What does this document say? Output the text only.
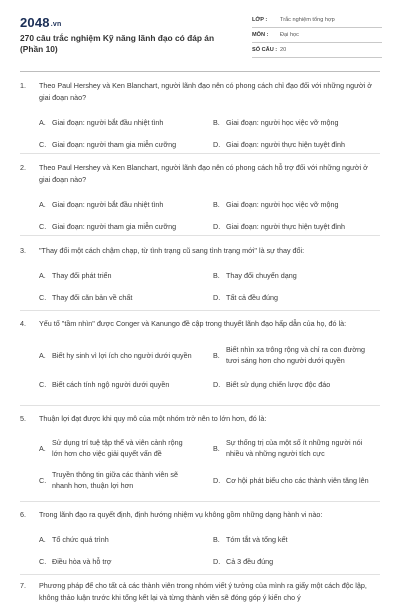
2048.vn
270 câu trắc nghiệm Kỹ năng lãnh đạo có đáp án (Phần 10)
LỚP :	Trắc nghiệm tổng hợp
MÔN :	Đại học
SỐ CÂU : 20
1.	Theo Paul Hershey và Ken Blanchart, người lãnh đạo nên có phong cách chỉ đạo đối với những người ở giai đoạn nào?
A. Giai đoạn: người bắt đầu nhiệt tình	B. Giai đoạn: người học việc vỡ mộng
C. Giai đoạn: người tham gia miễn cưỡng	D. Giai đoạn: người thực hiện tuyệt đỉnh
2.	Theo Paul Hershey và Ken Blanchart, người lãnh đạo nên có phong cách hỗ trợ đối với những người ở giai đoạn nào?
A. Giai đoạn: người bắt đầu nhiệt tình	B. Giai đoạn: người học việc vỡ mộng
C. Giai đoạn: người tham gia miễn cưỡng	D. Giai đoạn: người thực hiện tuyệt đỉnh
3.	"Thay đổi một cách chậm chạp, từ tình trạng cũ sang tình trạng mới" là sự thay đổi:
A. Thay đổi phát triển	B. Thay đổi chuyển dạng
C. Thay đổi căn bản về chất	D. Tất cả đều đúng
4.	Yếu tố "tầm nhìn" được Conger và Kanungo đề cập trong thuyết lãnh đạo hấp dẫn của họ, đó là:
A. Biết hy sinh vì lợi ích cho người dưới quyền	B.
Biết nhìn xa trông rộng và chỉ ra con đường tươi sáng hơn cho người dưới quyền
C. Biết cách tính ngộ người dưới quyền	D. Biết sử dụng chiến lược độc đáo
5.	Thuận lợi đạt được khi quy mô của một nhóm trở nên to lớn hơn, đó là:
A.
Sử dụng trí tuệ tập thể và viên cảnh rộng lớn hơn cho việc giải quyết vấn đề
B.
Sự thống trị của một số ít những người nói nhiều và những người tích cực
C.
Truyền thông tin giữa các thành viên sẽ nhanh hơn, thuận lợi hơn
D. Cơ hội phát biểu cho các thành viên tăng lên
6.	Trong lãnh đạo ra quyết định, định hướng nhiệm vụ không gồm những dạng hành vi nào:
A. Tổ chức quá trình	B. Tóm tắt và tổng kết
C. Điều hòa và hỗ trợ	D. Cả 3 đều đúng
7.	Phương pháp để cho tất cả các thành viên trong nhóm viết ý tưởng của mình ra giấy một cách độc lập, không thảo luận trước khi tổng kết lại và từng thành viên sẽ đóng góp ý kiến cho ý
